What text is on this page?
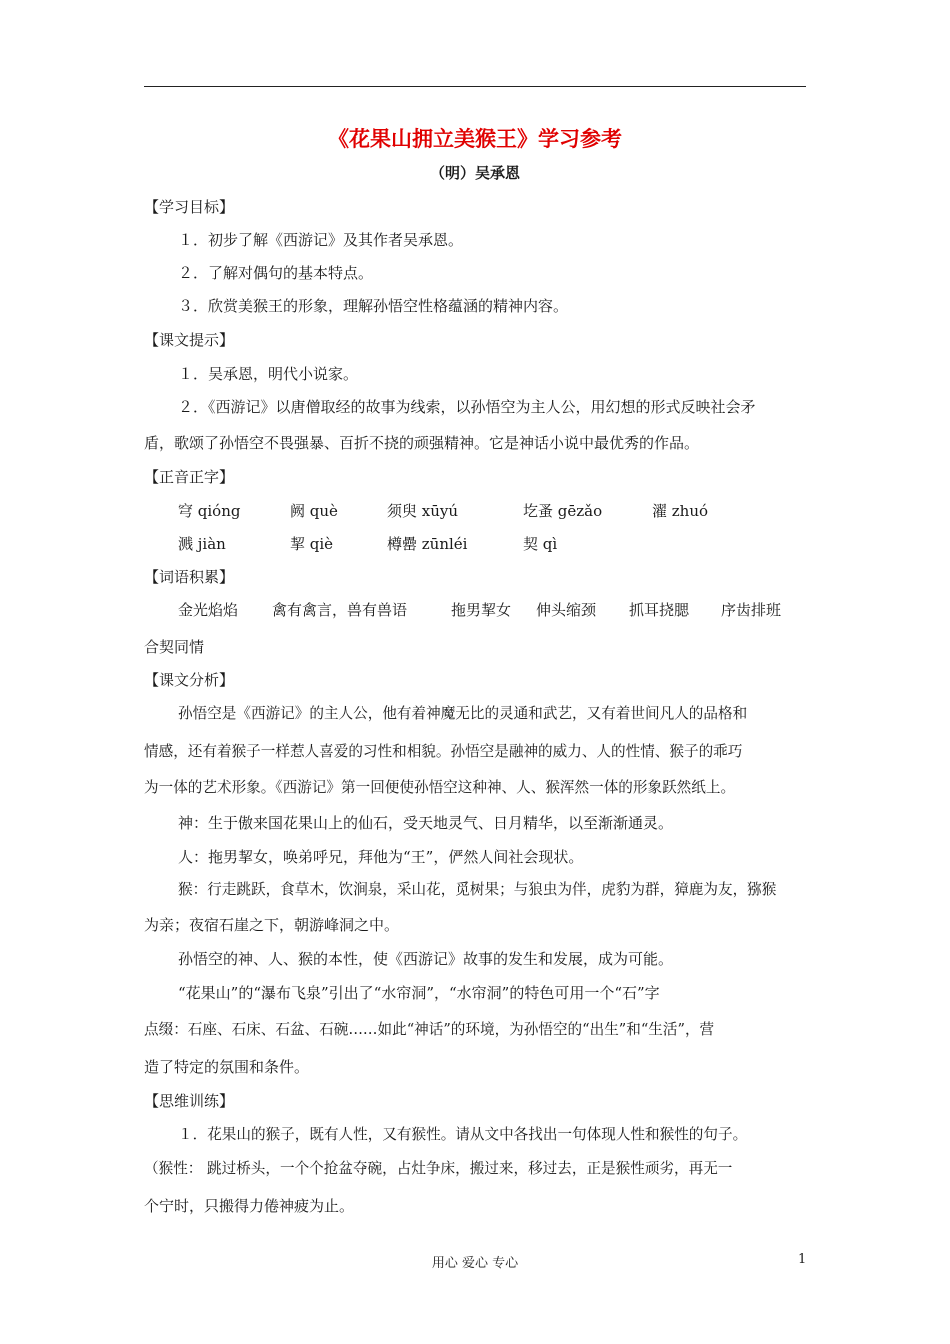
《花果山拥立美猴王》学习参考
（明）吴承恩
【学习目标】
１．初步了解《西游记》及其作者吴承恩。
２．了解对偶句的基本特点。
３．欣赏美猴王的形象，理解孙悟空性格蕴涵的精神内容。
【课文提示】
１．吴承恩，明代小说家。
２．《西游记》以唐僧取经的故事为线索，以孙悟空为主人公，用幻想的形式反映社会矛
盾，歌颂了孙悟空不畏强暴、百折不挠的顽强精神。它是神话小说中最优秀的作品。
【正音正字】
穹 qióng	阙 què	须臾 xūyú	圪蚤 gēzǎo	濯 zhuó
溅 jiàn	挈 qiè	樽罍 zūnléi	契 qì
【词语积累】
金光焰焰 禽有禽言，兽有兽语	拖男挈女 伸头缩颈 抓耳挠腮 序齿排班
合契同情
【课文分析】
孙悟空是《西游记》的主人公，他有着神魔无比的灵通和武艺，又有着世间凡人的品格和
情感，还有着猴子一样惹人喜爱的习性和相貌。孙悟空是融神的威力、人的性情、猴子的乖巧
为一体的艺术形象。《西游记》第一回便使孙悟空这种神、人、猴浑然一体的形象跃然纸上。
神：生于傲来国花果山上的仙石，受天地灵气、日月精华，以至渐渐通灵。
人：拖男挈女，唤弟呼兄，拜他为“王”，俨然人间社会现状。
猴：行走跳跃，食草木，饮涧泉，采山花，觅树果；与狼虫为伴，虎豹为群，獐鹿为友，猕猴
为亲；夜宿石崖之下，朝游峰洞之中。
孙悟空的神、人、猴的本性，使《西游记》故事的发生和发展，成为可能。
“花果山”的“瀑布飞泉”引出了“水帘洞”，“水帘洞”的特色可用一个“石”字
点缀：石座、石床、石盆、石碗……如此“神话”的环境，为孙悟空的“出生”和“生活”，营
造了特定的氛围和条件。
【思维训练】
１．花果山的猴子，既有人性，又有猴性。请从文中各找出一句体现人性和猴性的句子。
（猴性： 跳过桥头，一个个抢盆夺碗，占灶争床，搬过来，移过去，正是猴性顽劣，再无一
个宁时，只搬得力倦神疲为止。
用心 爱心 专心	1
